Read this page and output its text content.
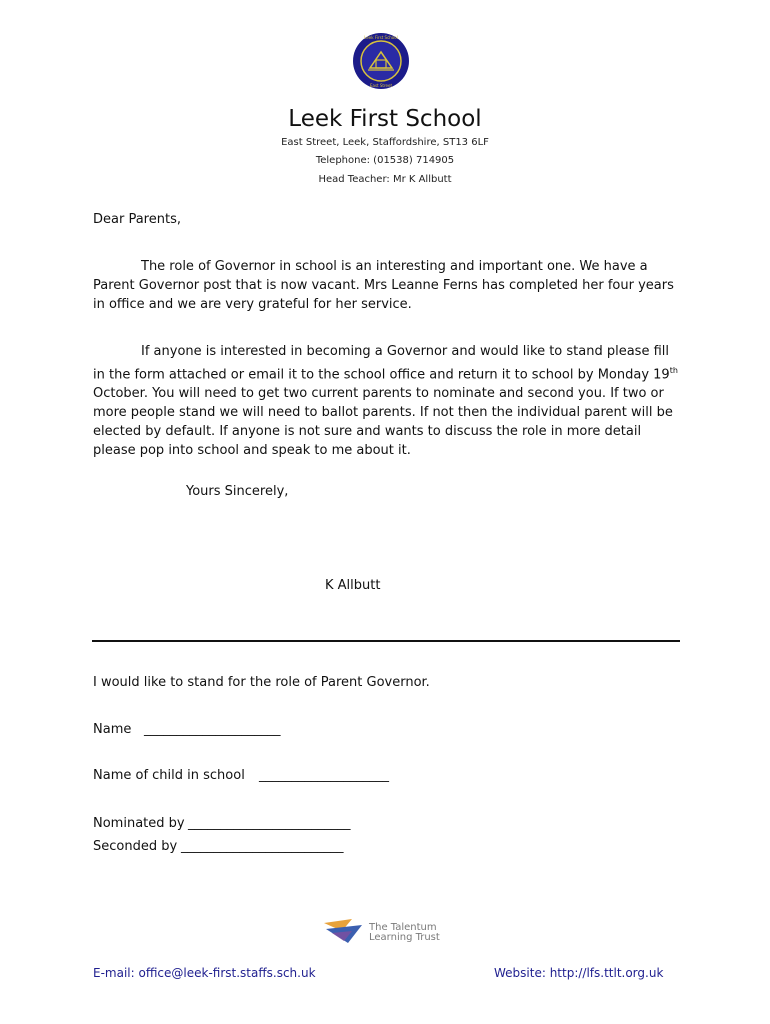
Leek First School
East Street
Leek First School
East Street, Leek, Staffordshire, ST13 6LF
Telephone: (01538) 714905
Head Teacher: Mr K Allbutt
Dear Parents,
The role of Governor in school is an interesting and important one. We have a Parent Governor post that is now vacant. Mrs Leanne Ferns has completed her four years in office and we are very grateful for her service.
If anyone is interested in becoming a Governor and would like to stand please fill in the form attached or email it to the school office and return it to school by Monday 19th October. You will need to get two current parents to nominate and second you. If two or more people stand we will need to ballot parents. If not then the individual parent will be elected by default. If anyone is not sure and wants to discuss the role in more detail please pop into school and speak to me about it.
Yours Sincerely,
K Allbutt
I would like to stand for the role of Parent Governor.
Name _____________________
Name of child in school ____________________
Nominated by _________________________
Seconded by _________________________
The Talentum
Learning Trust
E-mail: office@leek-first.staffs.sch.uk	Website: http://lfs.ttlt.org.uk
